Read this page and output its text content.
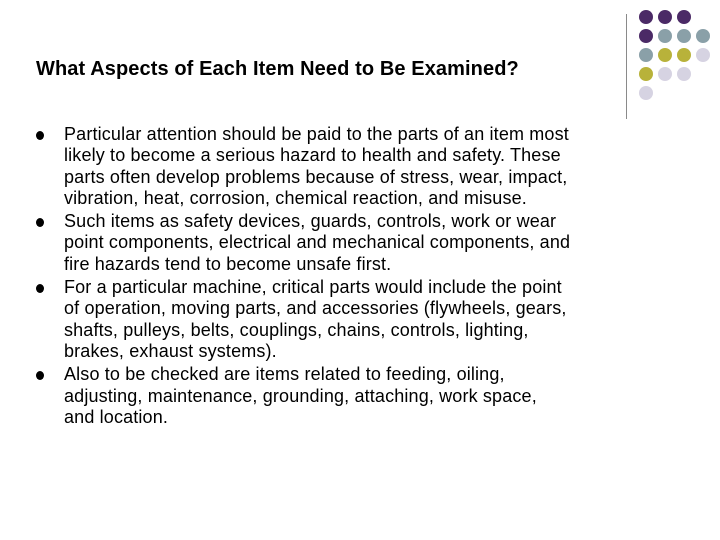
What Aspects of Each Item Need to Be Examined?
Particular attention should be paid to the parts of an item most
likely to become a serious hazard to health and safety. These
parts often develop problems because of stress, wear, impact,
vibration, heat, corrosion, chemical reaction, and misuse.
Such items as safety devices, guards, controls, work or wear
point components, electrical and mechanical components, and
fire hazards tend to become unsafe first.
For a particular machine, critical parts would include the point
of operation, moving parts, and accessories (flywheels, gears,
shafts, pulleys, belts, couplings, chains, controls, lighting,
brakes, exhaust systems).
Also to be checked are items related to feeding, oiling,
adjusting, maintenance, grounding, attaching, work space,
and location.
